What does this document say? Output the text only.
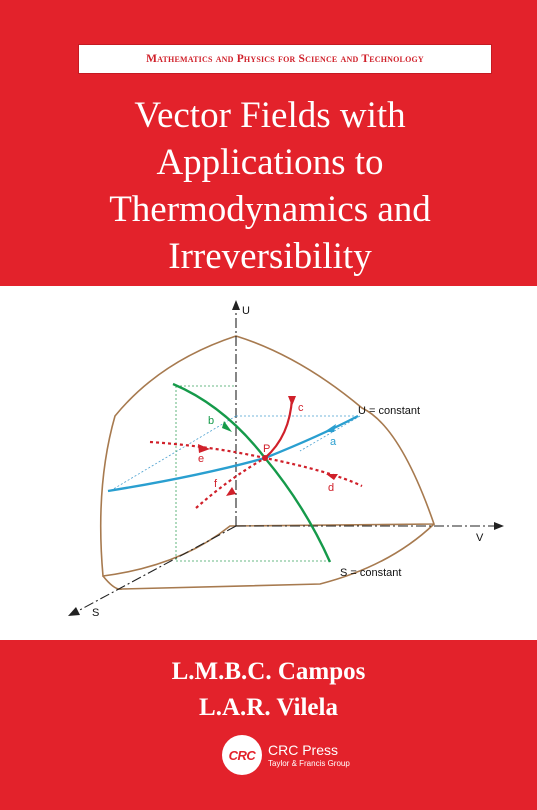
Mathematics and Physics for Science and Technology
Vector Fields with
Applications to
Thermodynamics and
Irreversibility
U
V
S
U = constant
S = constant
P
a
b
c
d
e
f
L.M.B.C. Campos
L.A.R. Vilela
CRC CRC Press
Taylor & Francis Group
